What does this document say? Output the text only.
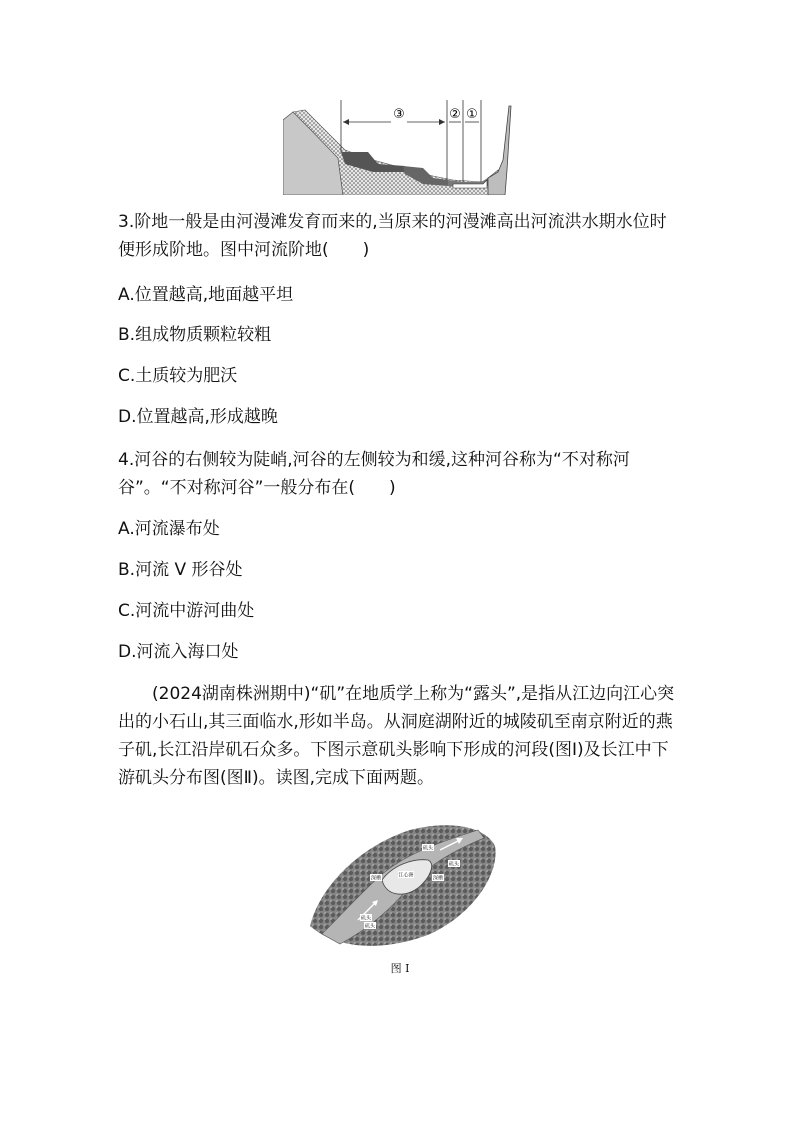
③	② ①

3.阶地一般是由河漫滩发育而来的,当原来的河漫滩高出河流洪水期水位时便形成阶地。图中河流阶地(　　)

A.位置越高,地面越平坦
B.组成物质颗粒较粗
C.土质较为肥沃
D.位置越高,形成越晚

4.河谷的右侧较为陡峭,河谷的左侧较为和缓,这种河谷称为“不对称河谷”。“不对称河谷”一般分布在(　　)

A.河流瀑布处
B.河流 V 形谷处
C.河流中游河曲处
D.河流入海口处

(2024湖南株洲期中)“矶”在地质学上称为“露头”,是指从江边向江心突出的小石山,其三面临水,形如半岛。从洞庭湖附近的城陵矶至南京附近的燕子矶,长江沿岸矶石众多。下图示意矶头影响下形成的河段(图Ⅰ)及长江中下游矶头分布图(图Ⅱ)。读图,完成下面两题。

矶头
矶头
江心洲
深槽	深槽
矶头
矶头
图 I
